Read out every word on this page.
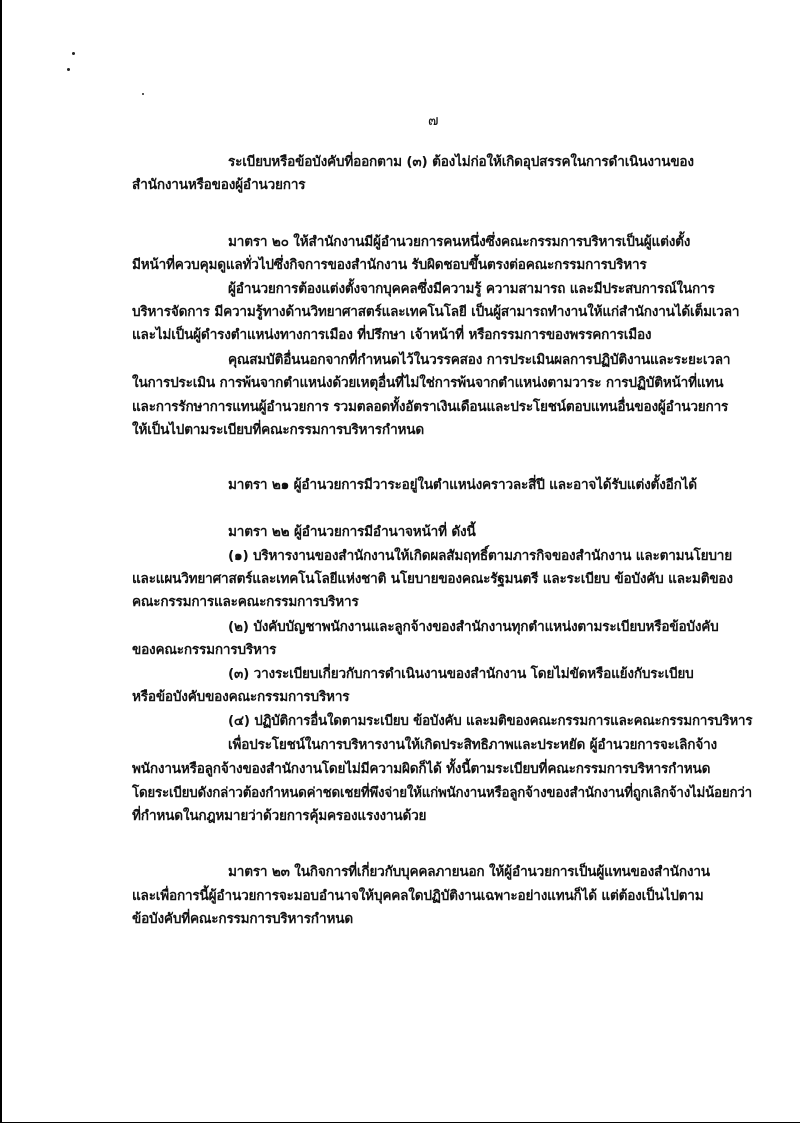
๗
ระเบียบหรือข้อบังคับที่ออกตาม (๓) ต้องไม่ก่อให้เกิดอุปสรรคในการดำเนินงานของ
สำนักงานหรือของผู้อำนวยการ
มาตรา ๒๐ ให้สำนักงานมีผู้อำนวยการคนหนึ่งซึ่งคณะกรรมการบริหารเป็นผู้แต่งตั้ง
มีหน้าที่ควบคุมดูแลทั่วไปซึ่งกิจการของสำนักงาน รับผิดชอบขึ้นตรงต่อคณะกรรมการบริหาร
ผู้อำนวยการต้องแต่งตั้งจากบุคคลซึ่งมีความรู้ ความสามารถ และมีประสบการณ์ในการ
บริหารจัดการ มีความรู้ทางด้านวิทยาศาสตร์และเทคโนโลยี เป็นผู้สามารถทำงานให้แก่สำนักงานได้เต็มเวลา
และไม่เป็นผู้ดำรงตำแหน่งทางการเมือง ที่ปรึกษา เจ้าหน้าที่ หรือกรรมการของพรรคการเมือง
คุณสมบัติอื่นนอกจากที่กำหนดไว้ในวรรคสอง การประเมินผลการปฏิบัติงานและระยะเวลา
ในการประเมิน การพ้นจากตำแหน่งด้วยเหตุอื่นที่ไม่ใช่การพ้นจากตำแหน่งตามวาระ การปฏิบัติหน้าที่แทน
และการรักษาการแทนผู้อำนวยการ รวมตลอดทั้งอัตราเงินเดือนและประโยชน์ตอบแทนอื่นของผู้อำนวยการ
ให้เป็นไปตามระเบียบที่คณะกรรมการบริหารกำหนด
มาตรา ๒๑ ผู้อำนวยการมีวาระอยู่ในตำแหน่งคราวละสี่ปี และอาจได้รับแต่งตั้งอีกได้
มาตรา ๒๒ ผู้อำนวยการมีอำนาจหน้าที่ ดังนี้
(๑) บริหารงานของสำนักงานให้เกิดผลสัมฤทธิ์ตามภารกิจของสำนักงาน และตามนโยบาย
และแผนวิทยาศาสตร์และเทคโนโลยีแห่งชาติ นโยบายของคณะรัฐมนตรี และระเบียบ ข้อบังคับ และมติของ
คณะกรรมการและคณะกรรมการบริหาร
(๒) บังคับบัญชาพนักงานและลูกจ้างของสำนักงานทุกตำแหน่งตามระเบียบหรือข้อบังคับ
ของคณะกรรมการบริหาร
(๓) วางระเบียบเกี่ยวกับการดำเนินงานของสำนักงาน โดยไม่ขัดหรือแย้งกับระเบียบ
หรือข้อบังคับของคณะกรรมการบริหาร
(๔) ปฏิบัติการอื่นใดตามระเบียบ ข้อบังคับ และมติของคณะกรรมการและคณะกรรมการบริหาร
เพื่อประโยชน์ในการบริหารงานให้เกิดประสิทธิภาพและประหยัด ผู้อำนวยการจะเลิกจ้าง
พนักงานหรือลูกจ้างของสำนักงานโดยไม่มีความผิดก็ได้ ทั้งนี้ตามระเบียบที่คณะกรรมการบริหารกำหนด
โดยระเบียบดังกล่าวต้องกำหนดค่าชดเชยที่พึงจ่ายให้แก่พนักงานหรือลูกจ้างของสำนักงานที่ถูกเลิกจ้างไม่น้อยกว่า
ที่กำหนดในกฎหมายว่าด้วยการคุ้มครองแรงงานด้วย
มาตรา ๒๓ ในกิจการที่เกี่ยวกับบุคคลภายนอก ให้ผู้อำนวยการเป็นผู้แทนของสำนักงาน
และเพื่อการนี้ผู้อำนวยการจะมอบอำนาจให้บุคคลใดปฏิบัติงานเฉพาะอย่างแทนก็ได้ แต่ต้องเป็นไปตาม
ข้อบังคับที่คณะกรรมการบริหารกำหนด
